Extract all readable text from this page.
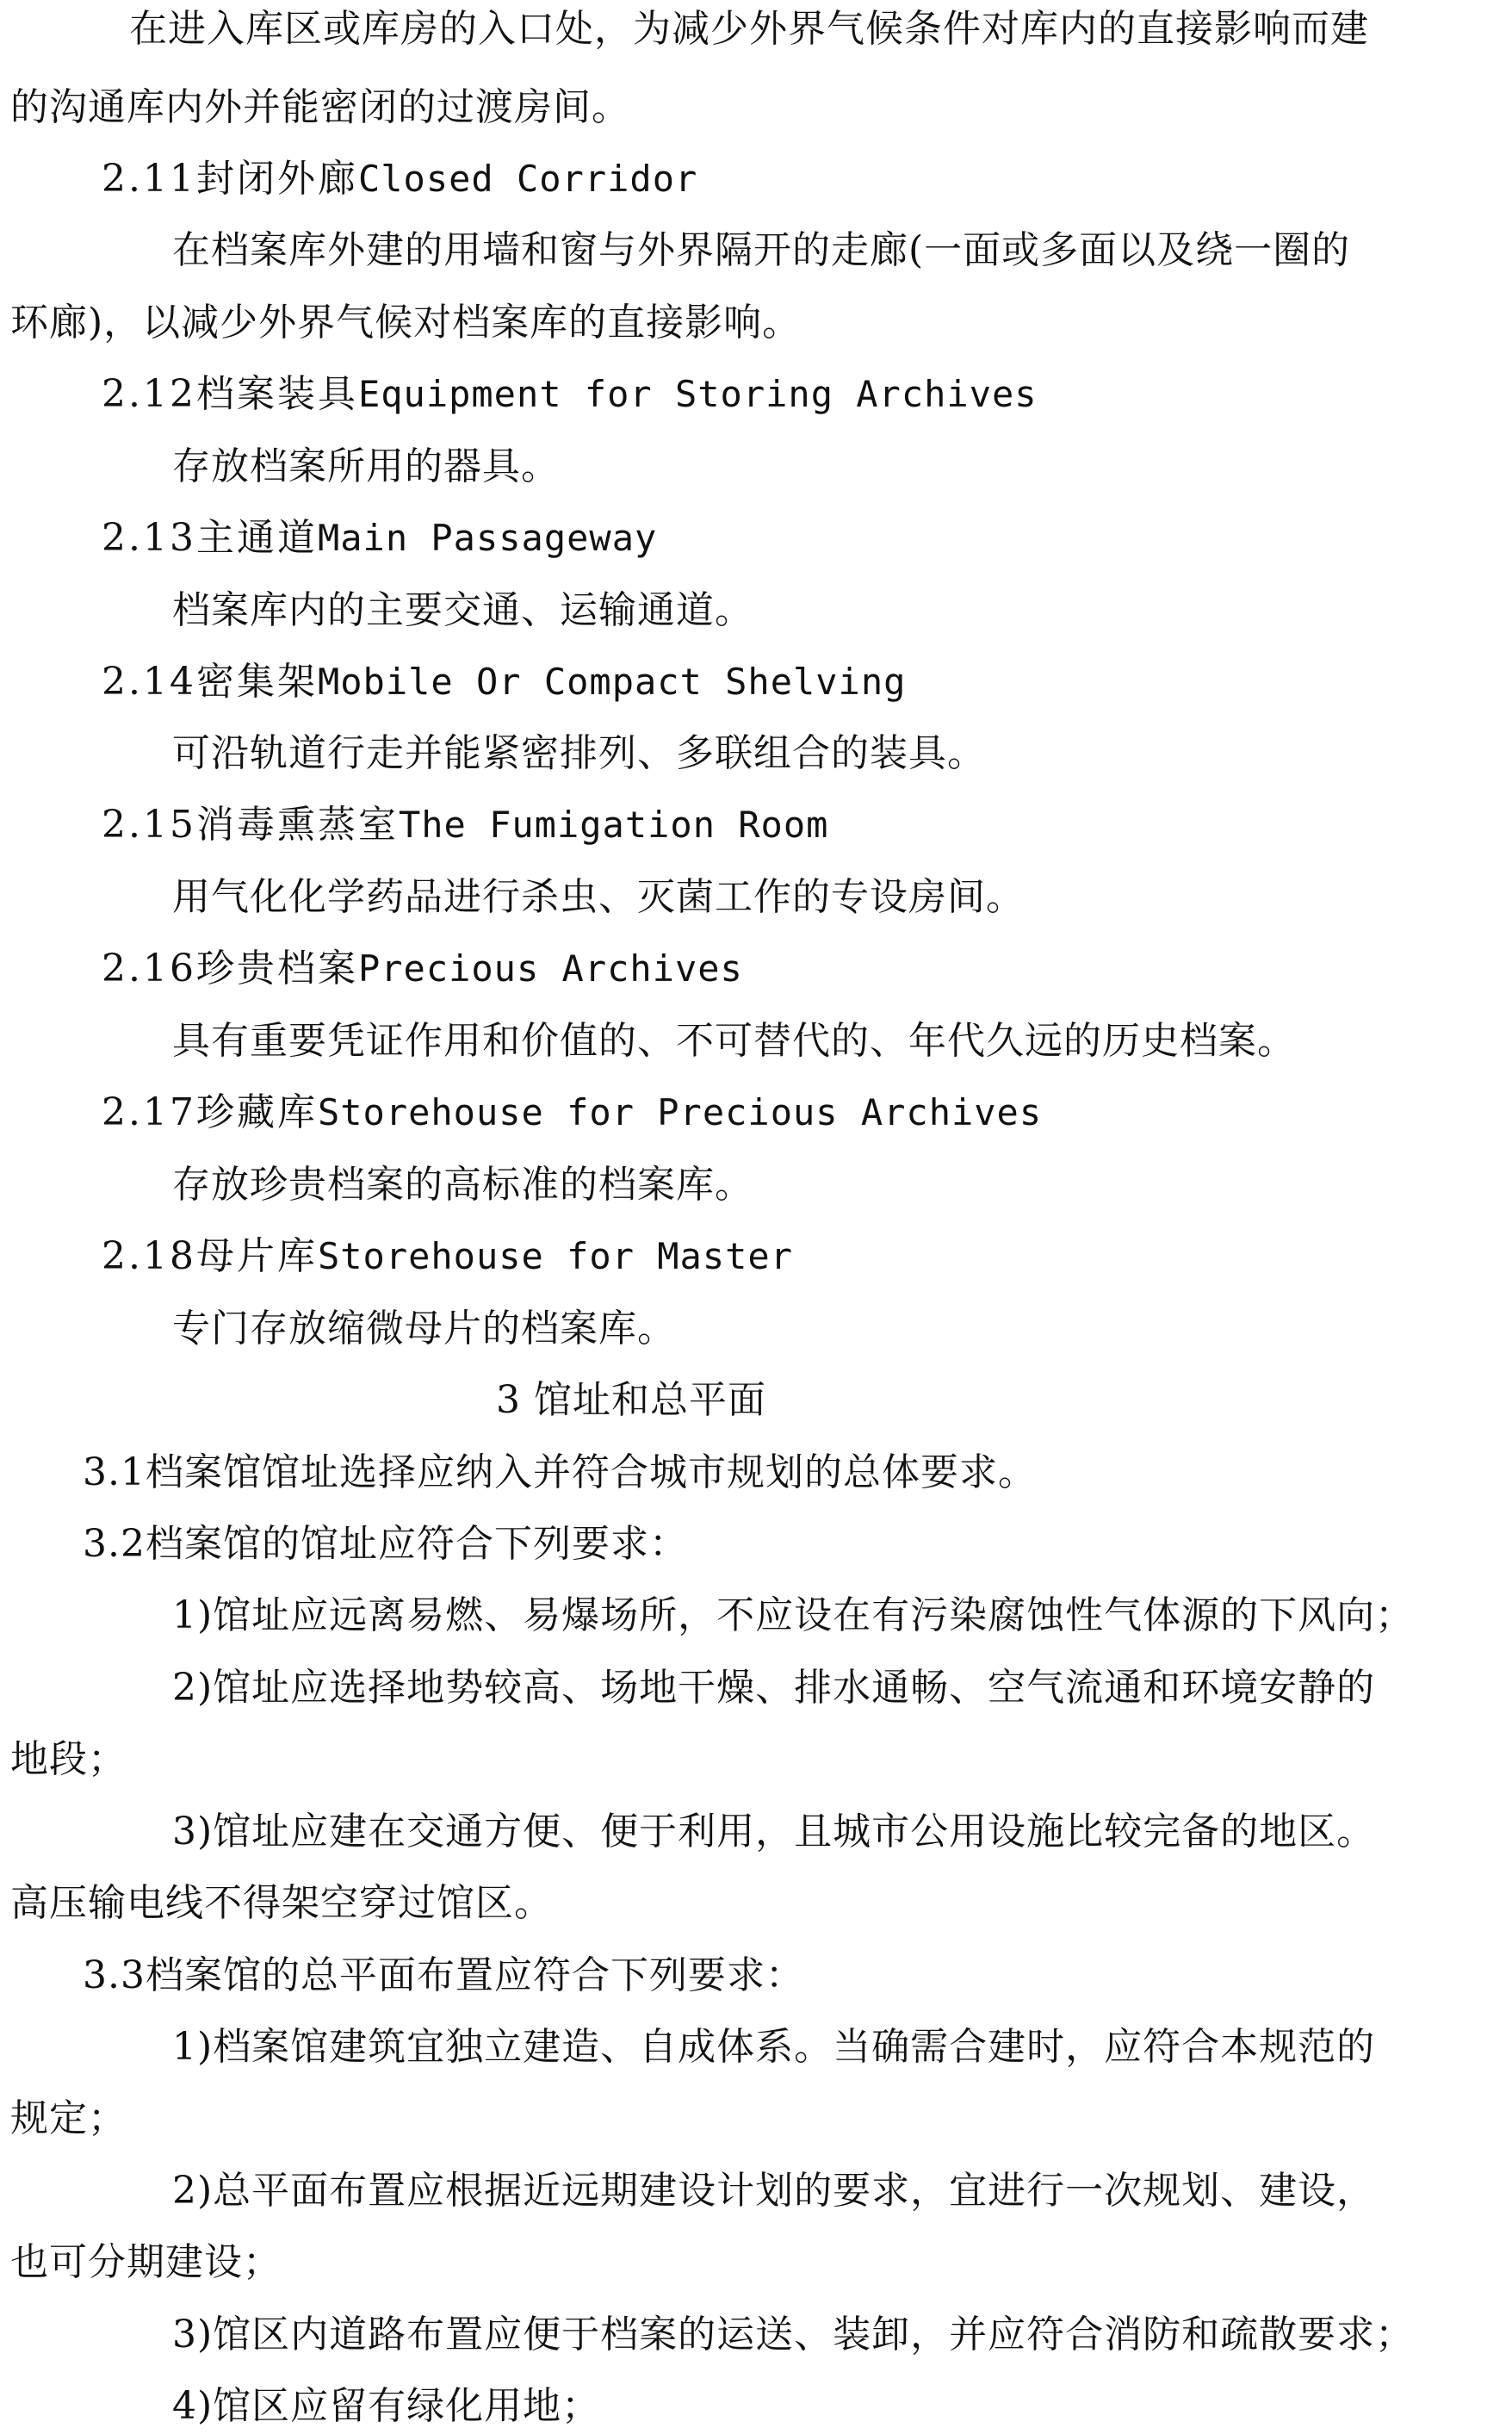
在进入库区或库房的入口处，为减少外界气候条件对库内的直接影响而建
的沟通库内外并能密闭的过渡房间。
2.11封闭外廊Closed Corridor
在档案库外建的用墙和窗与外界隔开的走廊(一面或多面以及绕一圈的
环廊)，以减少外界气候对档案库的直接影响。
2.12档案装具Equipment for Storing Archives
存放档案所用的器具。
2.13主通道Main Passageway
档案库内的主要交通、运输通道。
2.14密集架Mobile Or Compact Shelving
可沿轨道行走并能紧密排列、多联组合的装具。
2.15消毒熏蒸室The Fumigation Room
用气化化学药品进行杀虫、灭菌工作的专设房间。
2.16珍贵档案Precious Archives
具有重要凭证作用和价值的、不可替代的、年代久远的历史档案。
2.17珍藏库Storehouse for Precious Archives
存放珍贵档案的高标准的档案库。
2.18母片库Storehouse for Master
专门存放缩微母片的档案库。
3 馆址和总平面
3.1档案馆馆址选择应纳入并符合城市规划的总体要求。
3.2档案馆的馆址应符合下列要求：
1)馆址应远离易燃、易爆场所，不应设在有污染腐蚀性气体源的下风向；
2)馆址应选择地势较高、场地干燥、排水通畅、空气流通和环境安静的
地段；
3)馆址应建在交通方便、便于利用，且城市公用设施比较完备的地区。
高压输电线不得架空穿过馆区。
3.3档案馆的总平面布置应符合下列要求：
1)档案馆建筑宜独立建造、自成体系。当确需合建时，应符合本规范的
规定；
2)总平面布置应根据近远期建设计划的要求，宜进行一次规划、建设，
也可分期建设；
3)馆区内道路布置应便于档案的运送、装卸，并应符合消防和疏散要求；
4)馆区应留有绿化用地；
